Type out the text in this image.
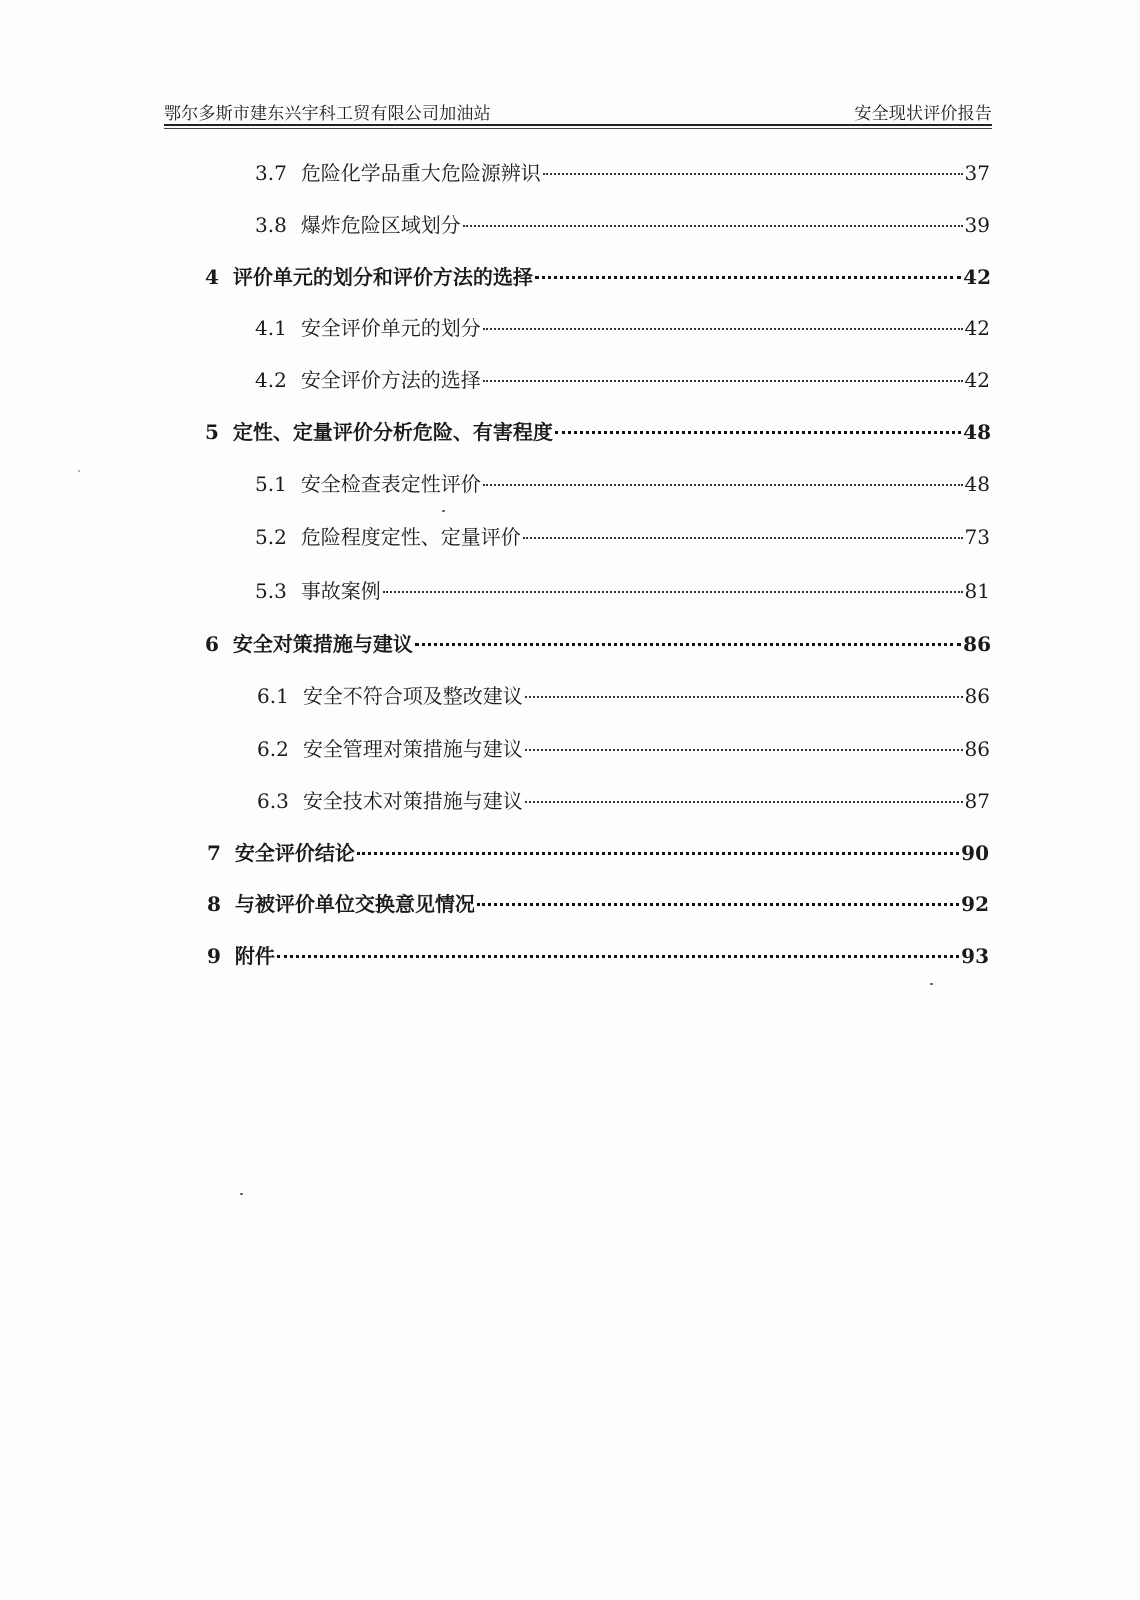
鄂尔多斯市建东兴宇科工贸有限公司加油站	安全现状评价报告
3.7 危险化学品重大危险源辨识	37
3.8 爆炸危险区域划分	39
4 评价单元的划分和评价方法的选择	42
4.1 安全评价单元的划分	42
4.2 安全评价方法的选择	42
5 定性、定量评价分析危险、有害程度	48
5.1 安全检查表定性评价	48
5.2 危险程度定性、定量评价	73
5.3 事故案例	81
6 安全对策措施与建议	86
6.1 安全不符合项及整改建议	86
6.2 安全管理对策措施与建议	86
6.3 安全技术对策措施与建议	87
7 安全评价结论	90
8 与被评价单位交换意见情况	92
9 附件	93
